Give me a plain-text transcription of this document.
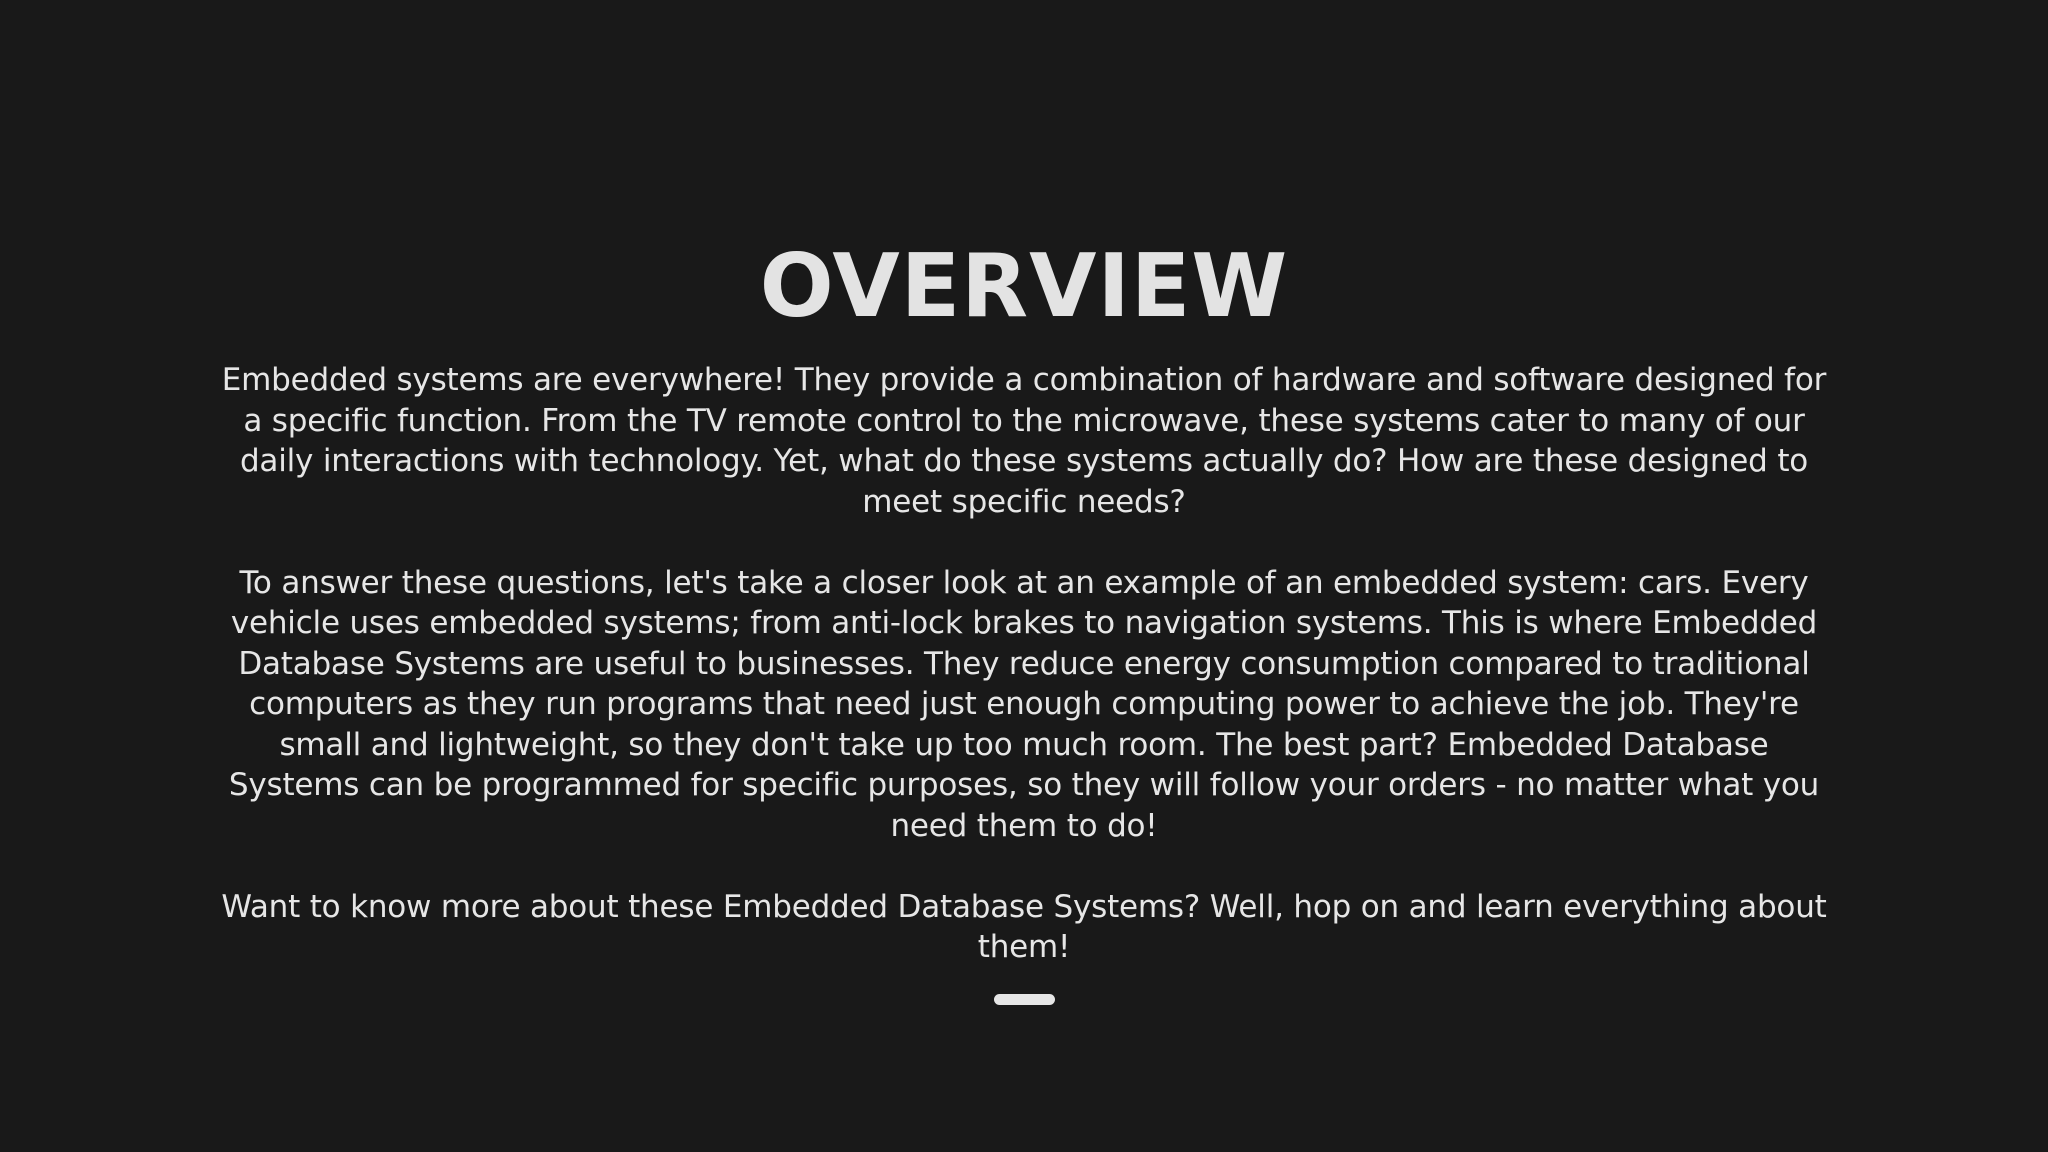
OVERVIEW

Embedded systems are everywhere! They provide a combination of hardware and software designed for a specific function. From the TV remote control to the microwave, these systems cater to many of our daily interactions with technology. Yet, what do these systems actually do? How are these designed to meet specific needs?

To answer these questions, let's take a closer look at an example of an embedded system: cars. Every vehicle uses embedded systems; from anti-lock brakes to navigation systems. This is where Embedded Database Systems are useful to businesses. They reduce energy consumption compared to traditional computers as they run programs that need just enough computing power to achieve the job. They're small and lightweight, so they don't take up too much room. The best part? Embedded Database Systems can be programmed for specific purposes, so they will follow your orders - no matter what you need them to do!

Want to know more about these Embedded Database Systems? Well, hop on and learn everything about them!
